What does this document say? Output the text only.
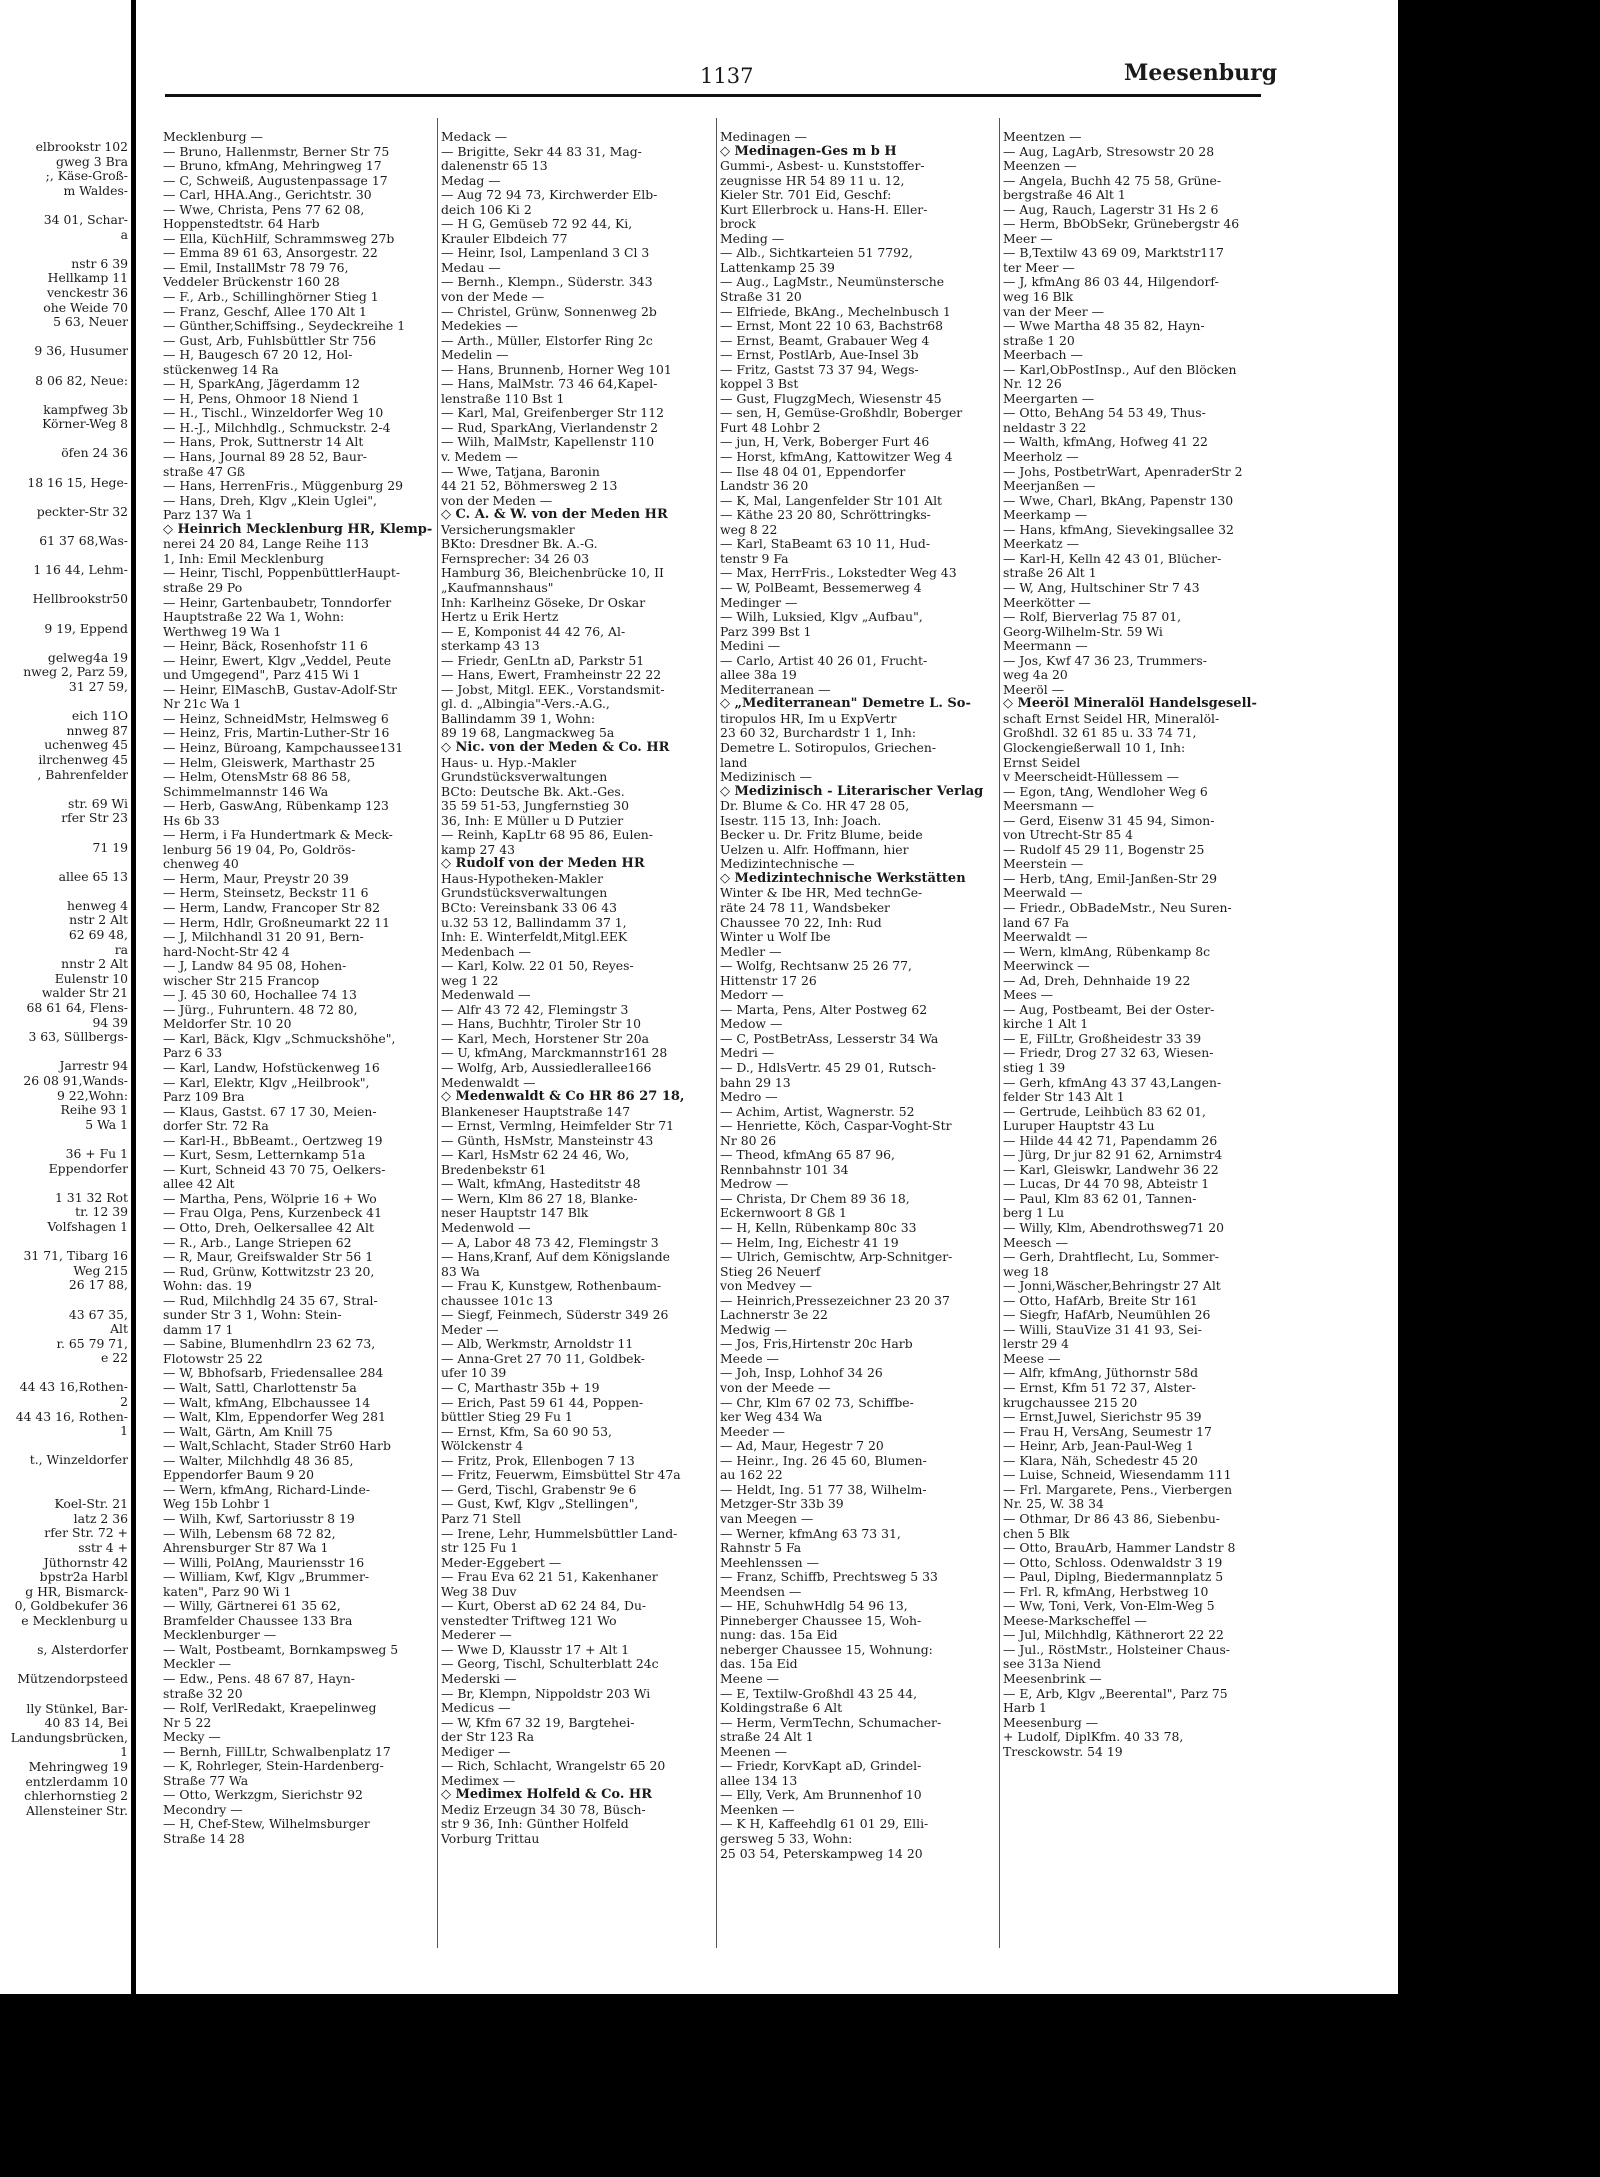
elbrookstr 102
gweg 3 Bra
;, Käse-Groß-
m Waldes-

34 01, Schar-
a

nstr 6 39
Hellkamp 11
venckestr 36
ohe Weide 70
5 63, Neuer

9 36, Husumer

8 06 82, Neue:

kampfweg 3b
Körner-Weg 8

öfen 24 36

18 16 15, Hege-

peckter-Str 32

61 37 68,Was-

1 16 44, Lehm-

Hellbrookstr50

9 19, Eppend

gelweg4a 19
nweg 2, Parz 59,
31 27 59,

eich 11O
nnweg 87
uchenweg 45
ilrchenweg 45
, Bahrenfelder

str. 69 Wi
rfer Str 23

71 19

allee 65 13

henweg 4
nstr 2 Alt
62 69 48,
ra
nnstr 2 Alt
Eulenstr 10
walder Str 21
68 61 64, Flens-
94 39
3 63, Süllbergs-

Jarrestr 94
26 08 91,Wands-
9 22,Wohn:
Reihe 93 1
5 Wa 1

36 + Fu 1
Eppendorfer

1 31 32 Rot
tr. 12 39
Volfshagen 1

31 71, Tibarg 16
Weg 215
26 17 88,

43 67 35,
Alt
r. 65 79 71,
e 22

44 43 16,Rothen-
2
44 43 16, Rothen-
1

t., Winzeldorfer

Koel-Str. 21
latz 2 36
rfer Str. 72 +
sstr 4 +
Jüthornstr 42
bpstr2a Harbl
g HR, Bismarck-
0, Goldbekufer 36
e Mecklenburg u

s, Alsterdorfer

Mützendorpsteed

lly Stünkel, Bar-
40 83 14, Bei
Landungsbrücken,
1
Mehringweg 19
entzlerdamm 10
chlerhornstieg 2
Allensteiner Str.
1137	Meesenburg
Mecklenburg —
— Bruno, Hallenmstr, Berner Str 75
— Bruno, kfmAng, Mehringweg 17
— C, Schweiß, Augustenpassage 17
— Carl, HHA.Ang., Gerichtstr. 30
— Wwe, Christa, Pens 77 62 08,
Hoppenstedtstr. 64 Harb
— Ella, KüchHilf, Schrammsweg 27b
— Emma 89 61 63, Ansorgestr. 22
— Emil, InstallMstr 78 79 76,
Veddeler Brückenstr 160 28
— F., Arb., Schillinghörner Stieg 1
— Franz, Geschf, Allee 170 Alt 1
— Günther,Schiffsing., Seydeckreihe 1
— Gust, Arb, Fuhlsbüttler Str 756
— H, Baugesch 67 20 12, Hol-
stückenweg 14 Ra
— H, SparkAng, Jägerdamm 12
— H, Pens, Ohmoor 18 Niend 1
— H., Tischl., Winzeldorfer Weg 10
— H.-J., Milchhdlg., Schmuckstr. 2-4
— Hans, Prok, Suttnerstr 14 Alt
— Hans, Journal 89 28 52, Baur-
straße 47 Gß
— Hans, HerrenFris., Müggenburg 29
— Hans, Dreh, Klgv „Klein Uglei",
Parz 137 Wa 1
◇ Heinrich Mecklenburg HR, Klemp-
nerei 24 20 84, Lange Reihe 113
1, Inh: Emil Mecklenburg
— Heinr, Tischl, PoppenbüttlerHaupt-
straße 29 Po
— Heinr, Gartenbaubetr, Tonndorfer
Hauptstraße 22 Wa 1, Wohn:
Werthweg 19 Wa 1
— Heinr, Bäck, Rosenhofstr 11 6
— Heinr, Ewert, Klgv „Veddel, Peute
und Umgegend", Parz 415 Wi 1
— Heinr, ElMaschB, Gustav-Adolf-Str
Nr 21c Wa 1
— Heinz, SchneidMstr, Helmsweg 6
— Heinz, Fris, Martin-Luther-Str 16
— Heinz, Büroang, Kampchaussee131
— Helm, Gleiswerk, Marthastr 25
— Helm, OtensMstr 68 86 58,
Schimmelmannstr 146 Wa
— Herb, GaswAng, Rübenkamp 123
Hs 6b 33
— Herm, i Fa Hundertmark & Meck-
lenburg 56 19 04, Po, Goldrös-
chenweg 40
— Herm, Maur, Preystr 20 39
— Herm, Steinsetz, Beckstr 11 6
— Herm, Landw, Francoper Str 82
— Herm, Hdlr, Großneumarkt 22 11
— J, Milchhandl 31 20 91, Bern-
hard-Nocht-Str 42 4
— J, Landw 84 95 08, Hohen-
wischer Str 215 Francop
— J. 45 30 60, Hochallee 74 13
— Jürg., Fuhruntern. 48 72 80,
Meldorfer Str. 10 20
— Karl, Bäck, Klgv „Schmuckshöhe",
Parz 6 33
— Karl, Landw, Hofstückenweg 16
— Karl, Elektr, Klgv „Heilbrook",
Parz 109 Bra
— Klaus, Gastst. 67 17 30, Meien-
dorfer Str. 72 Ra
— Karl-H., BbBeamt., Oertzweg 19
— Kurt, Sesm, Letternkamp 51a
— Kurt, Schneid 43 70 75, Oelkers-
allee 42 Alt
— Martha, Pens, Wölpriе 16 + Wo
— Frau Olga, Pens, Kurzenbeck 41
— Otto, Dreh, Oelkersallee 42 Alt
— R., Arb., Lange Striepen 62
— R, Maur, Greifswalder Str 56 1
— Rud, Grünw, Kottwitzstr 23 20,
Wohn: das. 19
— Rud, Milchhdlg 24 35 67, Stral-
sunder Str 3 1, Wohn: Stein-
damm 17 1
— Sabine, Blumenhdlrn 23 62 73,
Flotowstr 25 22
— W, Bbhofsarb, Friedensallee 284
— Walt, Sattl, Charlottenstr 5a
— Walt, kfmAng, Elbchaussee 14
— Walt, Klm, Eppendorfer Weg 281
— Walt, Gärtn, Am Knill 75
— Walt,Schlacht, Stader Str60 Harb
— Walter, Milchhdlg 48 36 85,
Eppendorfer Baum 9 20
— Wern, kfmAng, Richard-Linde-
Weg 15b Lohbr 1
— Wilh, Kwf, Sartoriusstr 8 19
— Wilh, Lebensm 68 72 82,
Ahrensburger Str 87 Wa 1
— Willi, PolAng, Mauriensstr 16
— William, Kwf, Klgv „Brummer-
katen", Parz 90 Wi 1
— Willy, Gärtnerei 61 35 62,
Bramfelder Chaussee 133 Bra
Mecklenburger —
— Walt, Postbeamt, Bornkampsweg 5
Meckler —
— Edw., Pens. 48 67 87, Hayn-
straße 32 20
— Rolf, VerlRedakt, Kraepelinweg
Nr 5 22
Mecky —
— Bernh, FillLtr, Schwalbenplatz 17
— K, Rohrleger, Stein-Hardenberg-
Straße 77 Wa
— Otto, Werkzgm, Sierichstr 92
Mecondry —
— H, Chef-Stew, Wilhelmsburger
Straße 14 28
Medack —
— Brigitte, Sekr 44 83 31, Mag-
dalenenstr 65 13
Medag —
— Aug 72 94 73, Kirchwerder Elb-
deich 106 Ki 2
— H G, Gemüseb 72 92 44, Ki,
Krauler Elbdeich 77
— Heinr, Isol, Lampenland 3 Cl 3
Medau —
— Bernh., Klempn., Süderstr. 343
von der Mede —
— Christel, Grünw, Sonnenweg 2b
Medekies —
— Arth., Müller, Elstorfer Ring 2c
Medelin —
— Hans, Brunnenb, Horner Weg 101
— Hans, MalMstr. 73 46 64,Kapel-
lenstraße 110 Bst 1
— Karl, Mal, Greifenberger Str 112
— Rud, SparkAng, Vierlandenstr 2
— Wilh, MalMstr, Kapellenstr 110
v. Medem —
— Wwe, Tatjana, Baronin
44 21 52, Böhmersweg 2 13
von der Meden —
◇ C. A. & W. von der Meden HR
Versicherungsmakler
BKto: Dresdner Bk. A.-G.
Fernsprecher: 34 26 03
Hamburg 36, Bleichenbrücke 10, II
„Kaufmannshaus"
Inh: Karlheinz Göseke, Dr Oskar
Hertz u Erik Hertz
— E, Komponist 44 42 76, Al-
sterkamp 43 13
— Friedr, GenLtn aD, Parkstr 51
— Hans, Ewert, Framheinstr 22 22
— Jobst, Mitgl. EEK., Vorstandsmit-
gl. d. „Albingia"-Vers.-A.G.,
Ballindamm 39 1, Wohn:
89 19 68, Langmackweg 5a
◇ Nic. von der Meden & Co. HR
Haus- u. Hyp.-Makler
Grundstücksverwaltungen
BCto: Deutsche Bk. Akt.-Ges.
35 59 51-53, Jungfernstieg 30
36, Inh: E Müller u D Putzier
— Reinh, KapLtr 68 95 86, Eulen-
kamp 27 43
◇ Rudolf von der Meden HR
Haus-Hypotheken-Makler
Grundstücksverwaltungen
BCto: Vereinsbank 33 06 43
u.32 53 12, Ballindamm 37 1,
Inh: E. Winterfeldt,Mitgl.EEK
Medenbach —
— Karl, Kolw. 22 01 50, Reyes-
weg 1 22
Medenwald —
— Alfr 43 72 42, Flemingstr 3
— Hans, Buchhtr, Tiroler Str 10
— Karl, Mech, Horstener Str 20a
— U, kfmAng, Marckmannstr161 28
— Wolfg, Arb, Aussiedlerallee166
Medenwaldt —
◇ Medenwaldt & Co HR 86 27 18,
Blankeneser Hauptstraße 147
— Ernst, Vermlng, Heimfelder Str 71
— Günth, HsMstr, Mansteinstr 43
— Karl, HsMstr 62 24 46, Wo,
Bredenbekstr 61
— Walt, kfmAng, Hasteditstr 48
— Wern, Klm 86 27 18, Blanke-
neser Hauptstr 147 Blk
Medenwold —
— A, Labor 48 73 42, Flemingstr 3
— Hans,Kranf, Auf dem Königslande
83 Wa
— Frau K, Kunstgew, Rothenbaum-
chaussee 101c 13
— Siegf, Feinmech, Süderstr 349 26
Meder —
— Alb, Werkmstr, Arnoldstr 11
— Anna-Gret 27 70 11, Goldbek-
ufer 10 39
— C, Marthastr 35b + 19
— Erich, Past 59 61 44, Poppen-
büttler Stieg 29 Fu 1
— Ernst, Kfm, Sa 60 90 53,
Wölckenstr 4
— Fritz, Prok, Ellenbogen 7 13
— Fritz, Feuerwm, Eimsbüttel Str 47a
— Gerd, Tischl, Grabenstr 9e 6
— Gust, Kwf, Klgv „Stellingen",
Parz 71 Stell
— Irene, Lehr, Hummelsbüttler Land-
str 125 Fu 1
Meder-Eggebert —
— Frau Eva 62 21 51, Kakenhaner
Weg 38 Duv
— Kurt, Oberst aD 62 24 84, Du-
venstedter Triftweg 121 Wo
Mederer —
— Wwe D, Klausstr 17 + Alt 1
— Georg, Tischl, Schulterblatt 24c
Mederski —
— Br, Klempn, Nippoldstr 203 Wi
Medicus —
— W, Kfm 67 32 19, Bargtehei-
der Str 123 Ra
Mediger —
— Rich, Schlacht, Wrangelstr 65 20
Medimex —
◇ Medimex Holfeld & Co. HR
Mediz Erzeugn 34 30 78, Büsch-
str 9 36, Inh: Günther Holfeld
Vorburg Trittau
Medinagen —
◇ Medinagen-Ges m b H
Gummi-, Asbest- u. Kunststoffer-
zeugnisse HR 54 89 11 u. 12,
Kieler Str. 701 Eid, Geschf:
Kurt Ellerbrock u. Hans-H. Eller-
brock
Meding —
— Alb., Sichtkarteien 51 7792,
Lattenkamp 25 39
— Aug., LagMstr., Neumünstersche
Straße 31 20
— Elfriede, BkAng., Mechelnbusch 1
— Ernst, Mont 22 10 63, Bachstr68
— Ernst, Beamt, Grabauer Weg 4
— Ernst, PostlArb, Aue-Insel 3b
— Fritz, Gastst 73 37 94, Wegs-
koppel 3 Bst
— Gust, FlugzgMech, Wiesenstr 45
— sen, H, Gemüse-Großhdlr, Boberger
Furt 48 Lohbr 2
— jun, H, Verk, Boberger Furt 46
— Horst, kfmAng, Kattowitzer Weg 4
— Ilse 48 04 01, Eppendorfer
Landstr 36 20
— K, Mal, Langenfelder Str 101 Alt
— Käthe 23 20 80, Schröttringks-
weg 8 22
— Karl, StaBeamt 63 10 11, Hud-
tenstr 9 Fa
— Max, HerrFris., Lokstedter Weg 43
— W, PolBeamt, Bessemerweg 4
Medinger —
— Wilh, Luksied, Klgv „Aufbau",
Parz 399 Bst 1
Medini —
— Carlo, Artist 40 26 01, Frucht-
allee 38a 19
Mediterranean —
◇ „Mediterranean" Demetre L. So-
tiropulos HR, Im u ExpVertr
23 60 32, Burchardstr 1 1, Inh:
Demetre L. Sotiropulos, Griechen-
land
Medizinisch —
◇ Medizinisch - Literarischer Verlag
Dr. Blume & Co. HR 47 28 05,
Isestr. 115 13, Inh: Joach.
Becker u. Dr. Fritz Blume, beide
Uelzen u. Alfr. Hoffmann, hier
Medizintechnische —
◇ Medizintechnische Werkstätten
Winter & Ibe HR, Med technGe-
räte 24 78 11, Wandsbeker
Chaussee 70 22, Inh: Rud
Winter u Wolf Ibe
Medler —
— Wolfg, Rechtsanw 25 26 77,
Hittenstr 17 26
Medorr —
— Marta, Pens, Alter Postweg 62
Medow —
— C, PostBetrAss, Lesserstr 34 Wa
Medri —
— D., HdlsVertr. 45 29 01, Rutsch-
bahn 29 13
Medro —
— Achim, Artist, Wagnerstr. 52
— Henriette, Köch, Caspar-Voght-Str
Nr 80 26
— Theod, kfmAng 65 87 96,
Rennbahnstr 101 34
Medrow —
— Christa, Dr Chem 89 36 18,
Eckernwoort 8 Gß 1
— H, Kelln, Rübenkamp 80c 33
— Helm, Ing, Eichestr 41 19
— Ulrich, Gemischtw, Arp-Schnitger-
Stieg 26 Neuerf
von Medvey —
— Heinrich,Pressezeichner 23 20 37
Lachnerstr 3e 22
Medwig —
— Jos, Fris,Hirtenstr 20c Harb
Meede —
— Joh, Insp, Lohhof 34 26
von der Meede —
— Chr, Klm 67 02 73, Schiffbe-
ker Weg 434 Wa
Meeder —
— Ad, Maur, Hegestr 7 20
— Heinr., Ing. 26 45 60, Blumen-
au 162 22
— Heldt, Ing. 51 77 38, Wilhelm-
Metzger-Str 33b 39
van Meegen —
— Werner, kfmAng 63 73 31,
Rahnstr 5 Fa
Meehlenssen —
— Franz, Schiffb, Prechtsweg 5 33
Meendsen —
— HE, SchuhwHdlg 54 96 13,
Pinneberger Chaussee 15, Woh-
nung: das. 15a Eid
neberger Chaussee 15, Wohnung:
das. 15a Eid
Meene —
— E, Textilw-Großhdl 43 25 44,
Koldingstraße 6 Alt
— Herm, VermTechn, Schumacher-
straße 24 Alt 1
Meenen —
— Friedr, KorvKapt aD, Grindel-
allee 134 13
— Elly, Verk, Am Brunnenhof 10
Meenken —
— K H, Kaffeehdlg 61 01 29, Elli-
gersweg 5 33, Wohn:
25 03 54, Peterskampweg 14 20
Meentzen —
— Aug, LagArb, Stresowstr 20 28
Meenzen —
— Angela, Buchh 42 75 58, Grüne-
bergstraße 46 Alt 1
— Aug, Rauch, Lagerstr 31 Hs 2 6
— Herm, BbObSekr, Grünebergstr 46
Meer —
— B,Textilw 43 69 09, Marktstr117
ter Meer —
— J, kfmAng 86 03 44, Hilgendorf-
weg 16 Blk
van der Meer —
— Wwe Martha 48 35 82, Hayn-
straße 1 20
Meerbach —
— Karl,ObPostInsp., Auf den Blöcken
Nr. 12 26
Meergarten —
— Otto, BehAng 54 53 49, Thus-
neldastr 3 22
— Walth, kfmAng, Hofweg 41 22
Meerholz —
— Johs, PostbetrWart, ApenraderStr 2
Meerjanßen —
— Wwe, Charl, BkAng, Papenstr 130
Meerkamp —
— Hans, kfmAng, Sievekingsallee 32
Meerkatz —
— Karl-H, Kelln 42 43 01, Blücher-
straße 26 Alt 1
— W, Ang, Hultschiner Str 7 43
Meerkötter —
— Rolf, Bierverlag 75 87 01,
Georg-Wilhelm-Str. 59 Wi
Meermann —
— Jos, Kwf 47 36 23, Trummers-
weg 4a 20
Meeröl —
◇ Meeröl Mineralöl Handelsgesell-
schaft Ernst Seidel HR, Mineralöl-
Großhdl. 32 61 85 u. 33 74 71,
Glockengießerwall 10 1, Inh:
Ernst Seidel
v Meerscheidt-Hüllessem —
— Egon, tAng, Wendloher Weg 6
Meersmann —
— Gerd, Eisenw 31 45 94, Simon-
von Utrecht-Str 85 4
— Rudolf 45 29 11, Bogenstr 25
Meerstein —
— Herb, tAng, Emil-Janßen-Str 29
Meerwald —
— Friedr., ObBadeMstr., Neu Suren-
land 67 Fa
Meerwaldt —
— Wern, klmAng, Rübenkamp 8c
Meerwinck —
— Ad, Dreh, Dehnhaide 19 22
Mees —
— Aug, Postbeamt, Bei der Oster-
kirche 1 Alt 1
— E, FilLtr, Großheidestr 33 39
— Friedr, Drog 27 32 63, Wiesen-
stieg 1 39
— Gerh, kfmAng 43 37 43,Langen-
felder Str 143 Alt 1
— Gertrude, Leihbüch 83 62 01,
Luruper Hauptstr 43 Lu
— Hilde 44 42 71, Papendamm 26
— Jürg, Dr jur 82 91 62, Arnimstr4
— Karl, Gleiswkr, Landwehr 36 22
— Lucas, Dr 44 70 98, Abteistr 1
— Paul, Klm 83 62 01, Tannen-
berg 1 Lu
— Willy, Klm, Abendrothsweg71 20
Meesch —
— Gerh, Drahtflecht, Lu, Sommer-
weg 18
— Jonni,Wäscher,Behringstr 27 Alt
— Otto, HafArb, Breite Str 161
— Siegfr, HafArb, Neumühlen 26
— Willi, StauVize 31 41 93, Sei-
lerstr 29 4
Meese —
— Alfr, kfmAng, Jüthornstr 58d
— Ernst, Kfm 51 72 37, Alster-
krugchaussee 215 20
— Ernst,Juwel, Sierichstr 95 39
— Frau H, VersAng, Seumestr 17
— Heinr, Arb, Jean-Paul-Weg 1
— Klara, Näh, Schedestr 45 20
— Luise, Schneid, Wiesendamm 111
— Frl. Margarete, Pens., Vierbergen
Nr. 25, W. 38 34
— Othmar, Dr 86 43 86, Siebenbu-
chen 5 Blk
— Otto, BrauArb, Hammer Landstr 8
— Otto, Schloss. Odenwaldstr 3 19
— Paul, Diplng, Biedermannplatz 5
— Frl. R, kfmAng, Herbstweg 10
— Ww, Toni, Verk, Von-Elm-Weg 5
Meese-Markscheffel —
— Jul, Milchhdlg, Käthnerort 22 22
— Jul., RöstMstr., Holsteiner Chaus-
see 313a Niend
Meesenbrink —
— E, Arb, Klgv „Beerental", Parz 75
Harb 1
Meesenburg —
+ Ludolf, DiplKfm. 40 33 78,
Tresckowstr. 54 19
